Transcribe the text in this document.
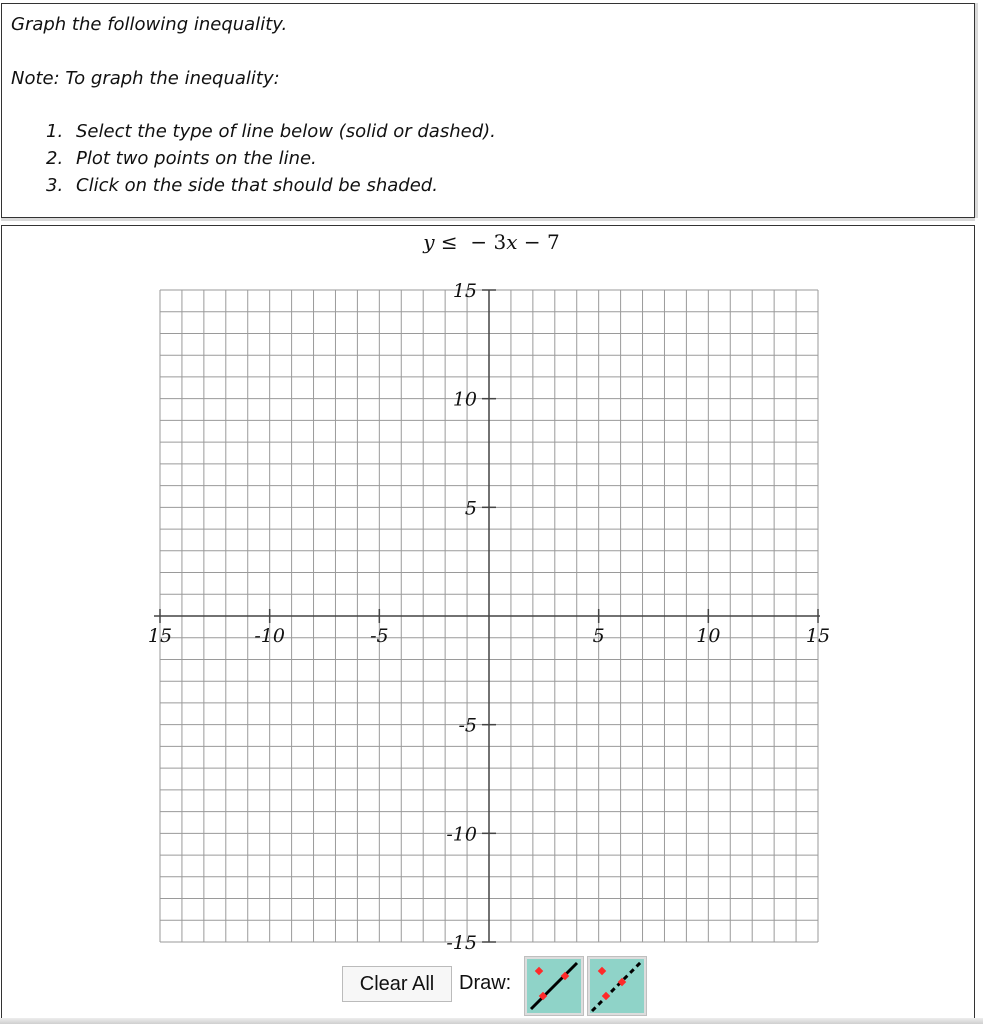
Graph the following inequality.
Note: To graph the inequality:
1. Select the type of line below (solid or dashed).
2. Plot two points on the line.
3. Click on the side that should be shaded.
y ≤ − 3x − 7
15	-10	-5	5	10	15
15
10
5
-5
-10
-15
Clear All	Draw:
